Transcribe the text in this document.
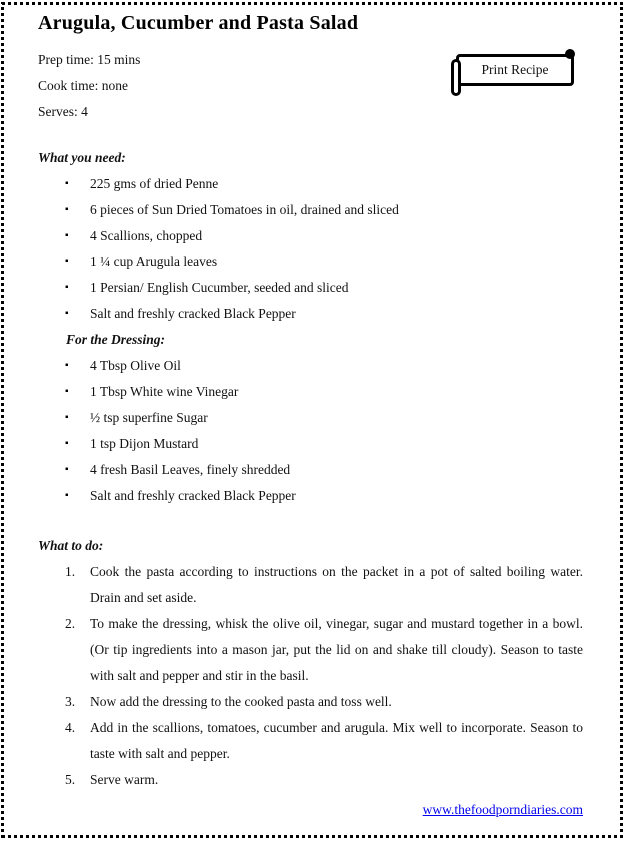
Arugula, Cucumber and Pasta Salad
Prep time: 15 mins
Cook time: none
Serves: 4
Print Recipe
What you need:
▪	225 gms of dried Penne
▪	6 pieces of Sun Dried Tomatoes in oil, drained and sliced
▪	4 Scallions, chopped
▪	1 ¼ cup Arugula leaves
▪	1 Persian/ English Cucumber, seeded and sliced
▪	Salt and freshly cracked Black Pepper
For the Dressing:
▪	4 Tbsp Olive Oil
▪	1 Tbsp White wine Vinegar
▪	½ tsp superfine Sugar
▪	1 tsp Dijon Mustard
▪	4 fresh Basil Leaves, finely shredded
▪	Salt and freshly cracked Black Pepper
What to do:
1.	Cook the pasta according to instructions on the packet in a pot of salted boiling water. Drain and set aside.
2.	To make the dressing, whisk the olive oil, vinegar, sugar and mustard together in a bowl. (Or tip ingredients into a mason jar, put the lid on and shake till cloudy). Season to taste with salt and pepper and stir in the basil.
3.	Now add the dressing to the cooked pasta and toss well.
4.	Add in the scallions, tomatoes, cucumber and arugula. Mix well to incorporate. Season to taste with salt and pepper.
5.	Serve warm.
www.thefoodporndiaries.com
